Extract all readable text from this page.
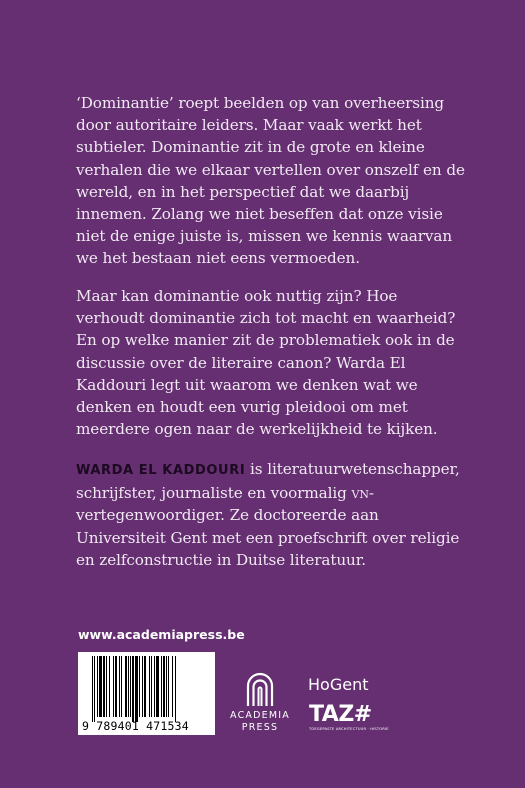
‘Dominantie’ roept beelden op van overheersing door autoritaire leiders. Maar vaak werkt het subtieler. Dominantie zit in de grote en kleine verhalen die we elkaar vertellen over onszelf en de wereld, en in het perspectief dat we daarbij innemen. Zolang we niet beseffen dat onze visie niet de enige juiste is, missen we kennis waarvan we het bestaan niet eens vermoeden.

Maar kan dominantie ook nuttig zijn? Hoe verhoudt dominantie zich tot macht en waarheid? En op welke manier zit de problematiek ook in de discussie over de literaire canon? Warda El Kaddouri legt uit waarom we denken wat we denken en houdt een vurig pleidooi om met meerdere ogen naar de werkelijkheid te kijken.

WARDA EL KADDOURI is literatuurwetenschapper, schrijfster, journaliste en voormalig vn-vertegenwoordiger. Ze doctoreerde aan Universiteit Gent met een proefschrift over religie en zelfconstructie in Duitse literatuur.

www.academiapress.be
9 789401 471534
ACADEMIA
PRESS
HoGent
TAZ#
TOEGEPASTE ARCHITECTUUR · HISTORIE
